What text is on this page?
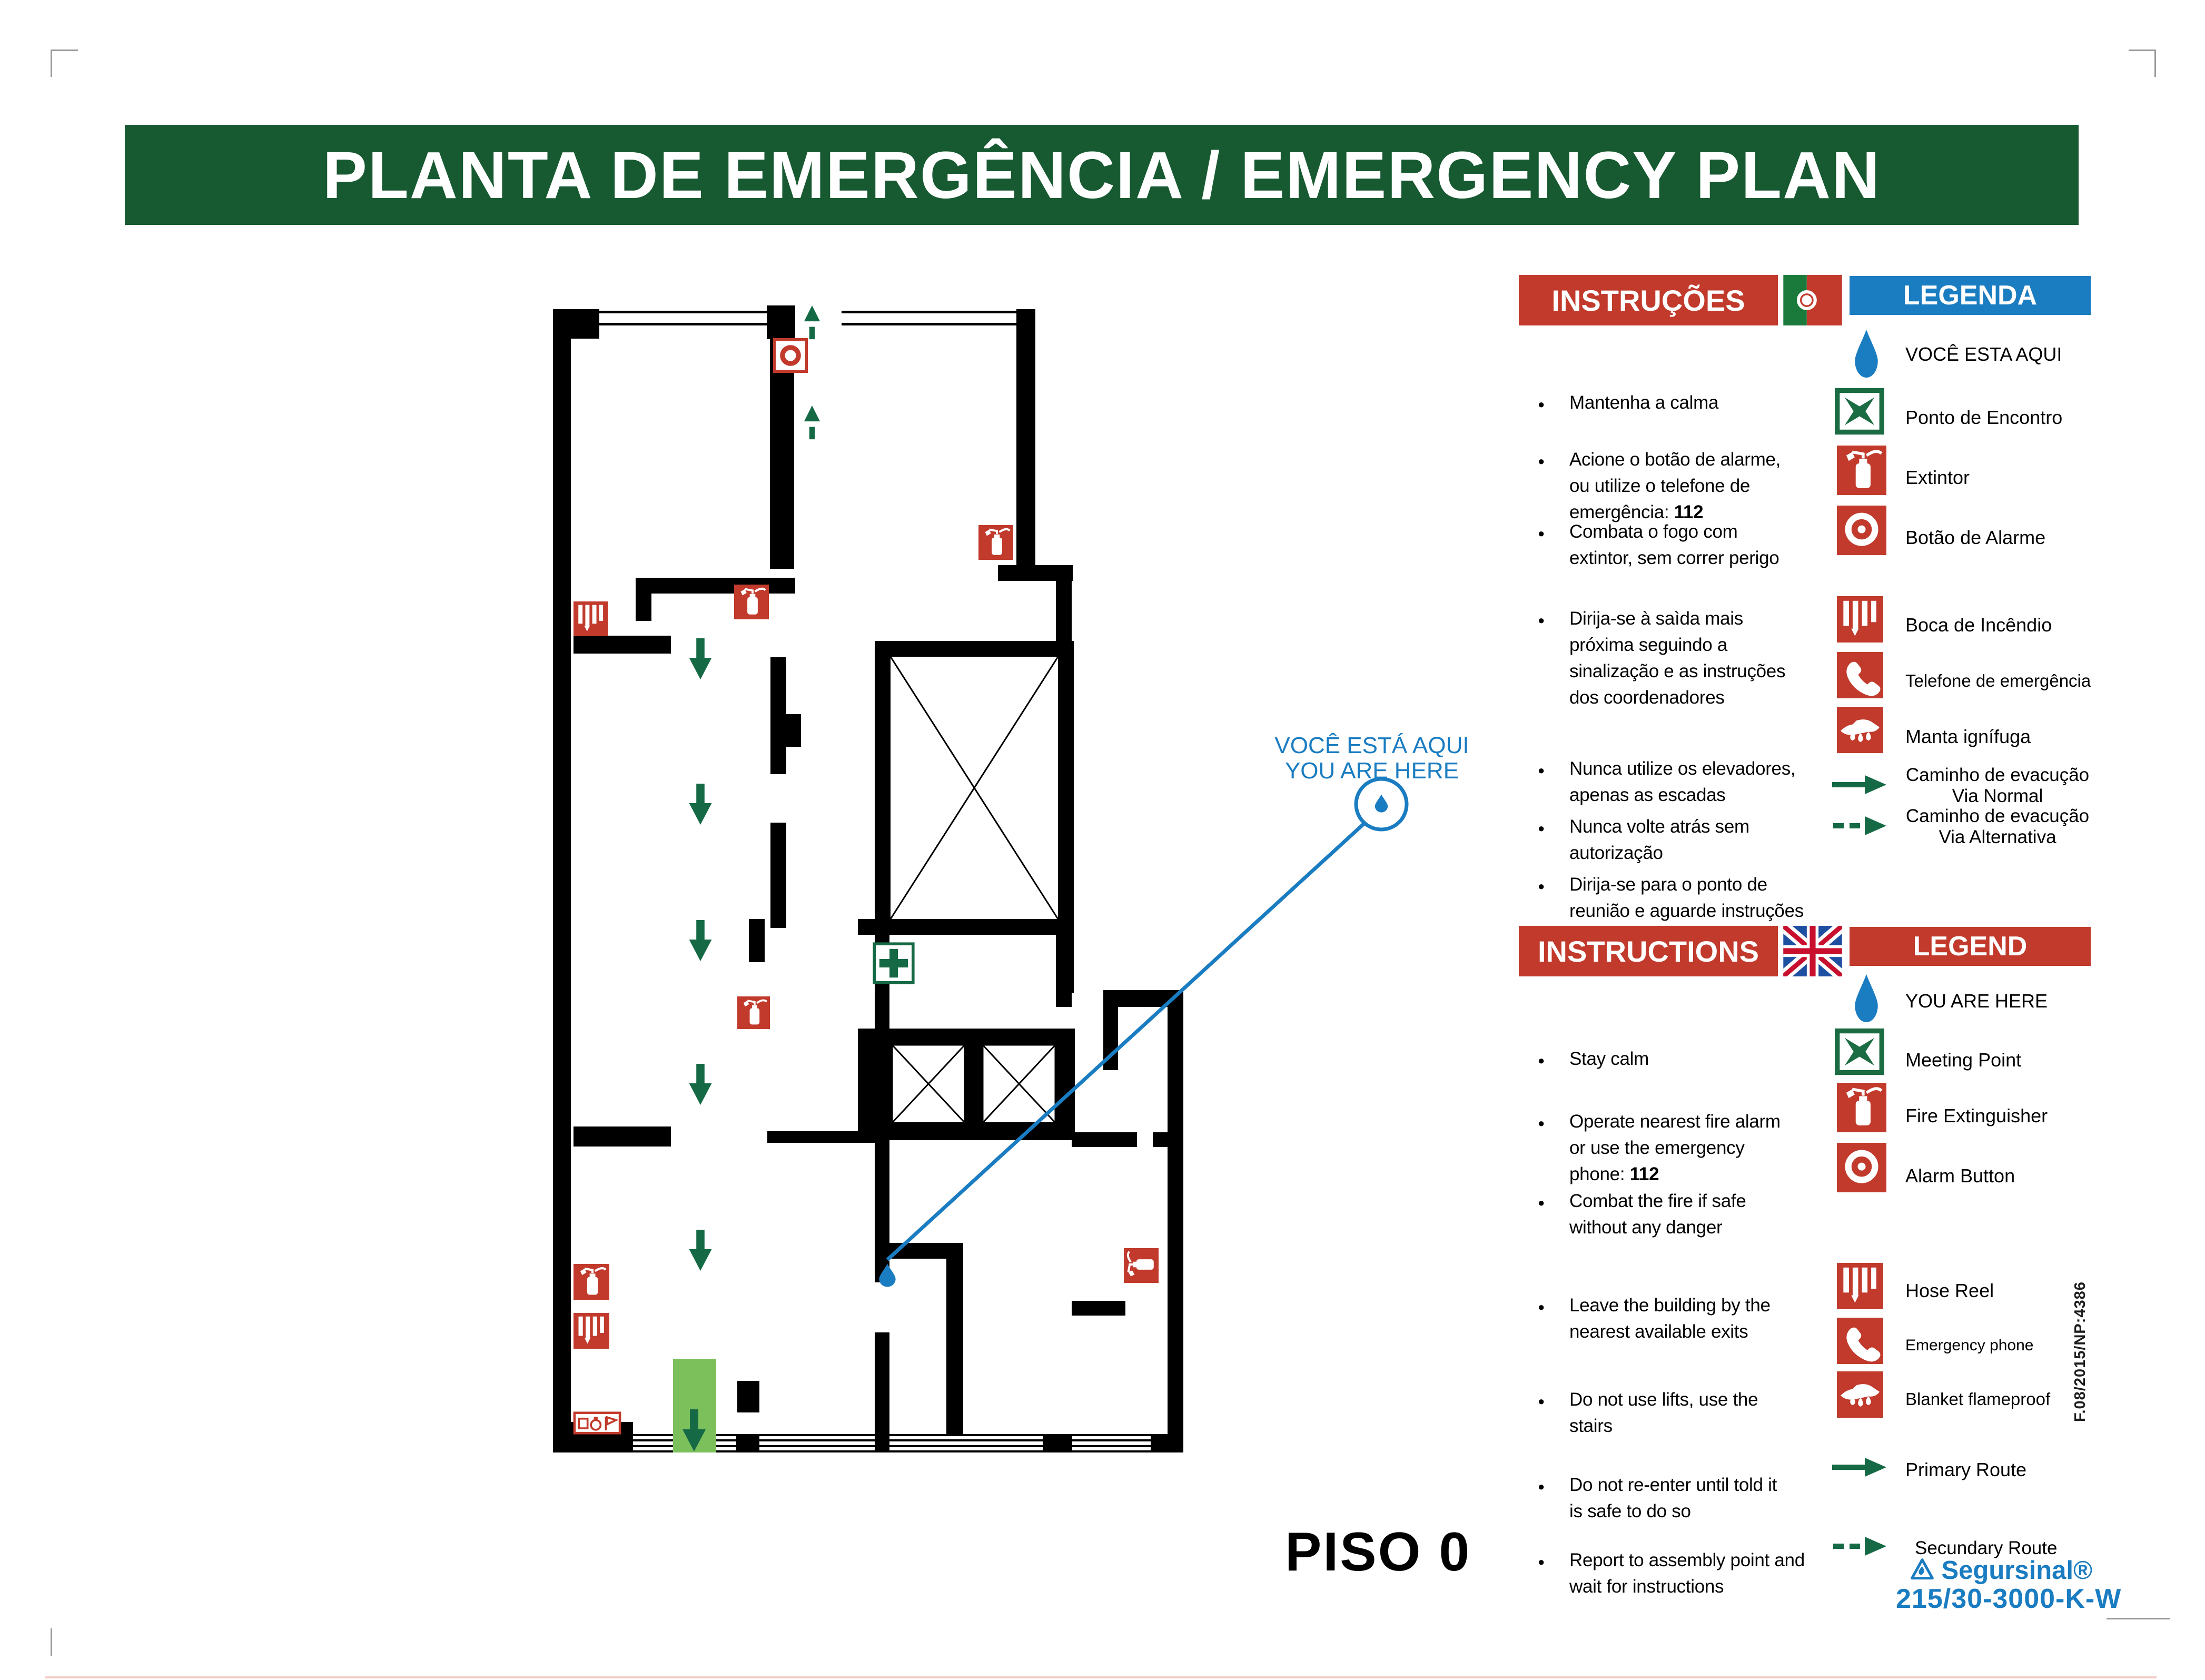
PLANTA DE EMERGÊNCIA / EMERGENCY PLAN
VOCÊ ESTÁ AQUI
YOU ARE HERE
PISO 0
INSTRUÇÕES	LEGENDA
● Mantenha a calma
● Acione o botão de alarme,
ou utilize o telefone de
emergência: 112
● Combata o fogo com
extintor, sem correr perigo
● Dirija-se à saìda mais
próxima seguindo a
sinalização e as instruções
dos coordenadores
● Nunca utilize os elevadores,
apenas as escadas
● Nunca volte atrás sem
autorização
● Dirija-se para o ponto de
reunião e aguarde instruções
VOCÊ ESTA AQUI
Ponto de Encontro
Extintor
Botão de Alarme
Boca de Incêndio
Telefone de emergência
Manta ignífuga
Caminho de evacução
Via Normal
Caminho de evacução
Via Alternativa
INSTRUCTIONS	LEGEND
● Stay calm
● Operate nearest fire alarm
or use the emergency
phone: 112
● Combat the fire if safe
without any danger
● Leave the building by the
nearest available exits
● Do not use lifts, use the
stairs
● Do not re-enter until told it
is safe to do so
● Report to assembly point and
wait for instructions
YOU ARE HERE
Meeting Point
Fire Extinguisher
Alarm Button
Hose Reel
Emergency phone
Blanket flameproof
Primary Route
Secundary Route
Segursinal®
215/30-3000-K-W
F.08/2015/NP:4386
